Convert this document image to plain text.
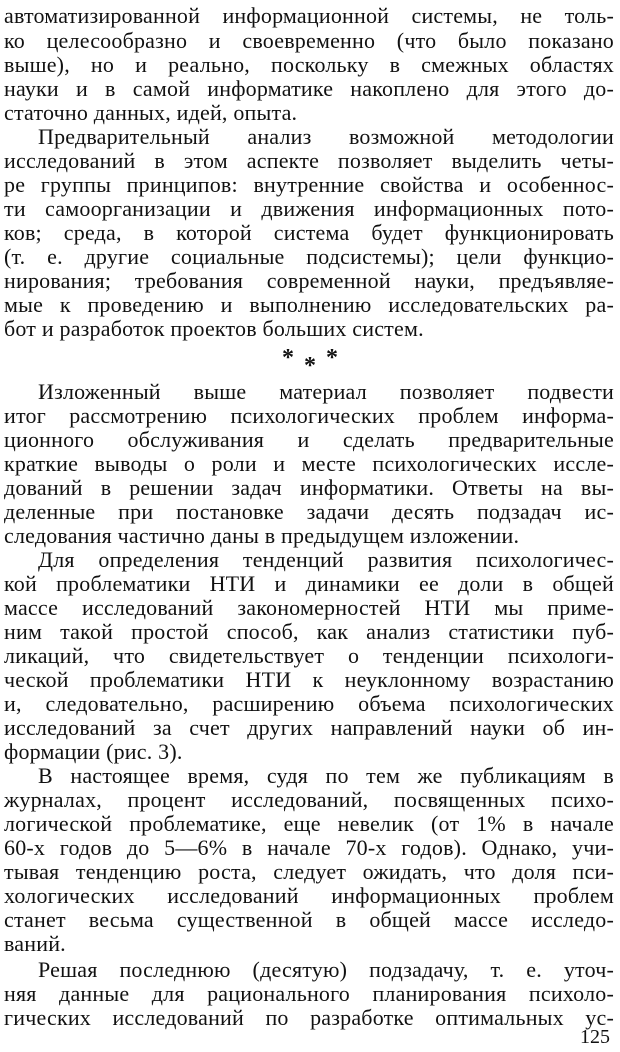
автоматизированной информационной системы, не толь-
ко целесообразно и своевременно (что было показано
выше), но и реально, поскольку в смежных областях
науки и в самой информатике накоплено для этого до-
статочно данных, идей, опыта.
Предварительный анализ возможной методологии
исследований в этом аспекте позволяет выделить четы-
ре группы принципов: внутренние свойства и особеннос-
ти самоорганизации и движения информационных пото-
ков; среда, в которой система будет функционировать
(т. е. другие социальные подсистемы); цели функцио-
нирования; требования современной науки, предъявляе-
мые к проведению и выполнению исследовательских ра-
бот и разработок проектов больших систем.
* * *
Изложенный выше материал позволяет подвести
итог рассмотрению психологических проблем информа-
ционного обслуживания и сделать предварительные
краткие выводы о роли и месте психологических иссле-
дований в решении задач информатики. Ответы на вы-
деленные при постановке задачи десять подзадач ис-
следования частично даны в предыдущем изложении.
Для определения тенденций развития психологичес-
кой проблематики НТИ и динамики ее доли в общей
массе исследований закономерностей НТИ мы приме-
ним такой простой способ, как анализ статистики пуб-
ликаций, что свидетельствует о тенденции психологи-
ческой проблематики НТИ к неуклонному возрастанию
и, следовательно, расширению объема психологических
исследований за счет других направлений науки об ин-
формации (рис. 3).
В настоящее время, судя по тем же публикациям в
журналах, процент исследований, посвященных психо-
логической проблематике, еще невелик (от 1% в начале
60-х годов до 5—6% в начале 70-х годов). Однако, учи-
тывая тенденцию роста, следует ожидать, что доля пси-
хологических исследований информационных проблем
станет весьма существенной в общей массе исследо-
ваний.
Решая последнюю (десятую) подзадачу, т. е. уточ-
няя данные для рационального планирования психоло-
гических исследований по разработке оптимальных ус-
125
